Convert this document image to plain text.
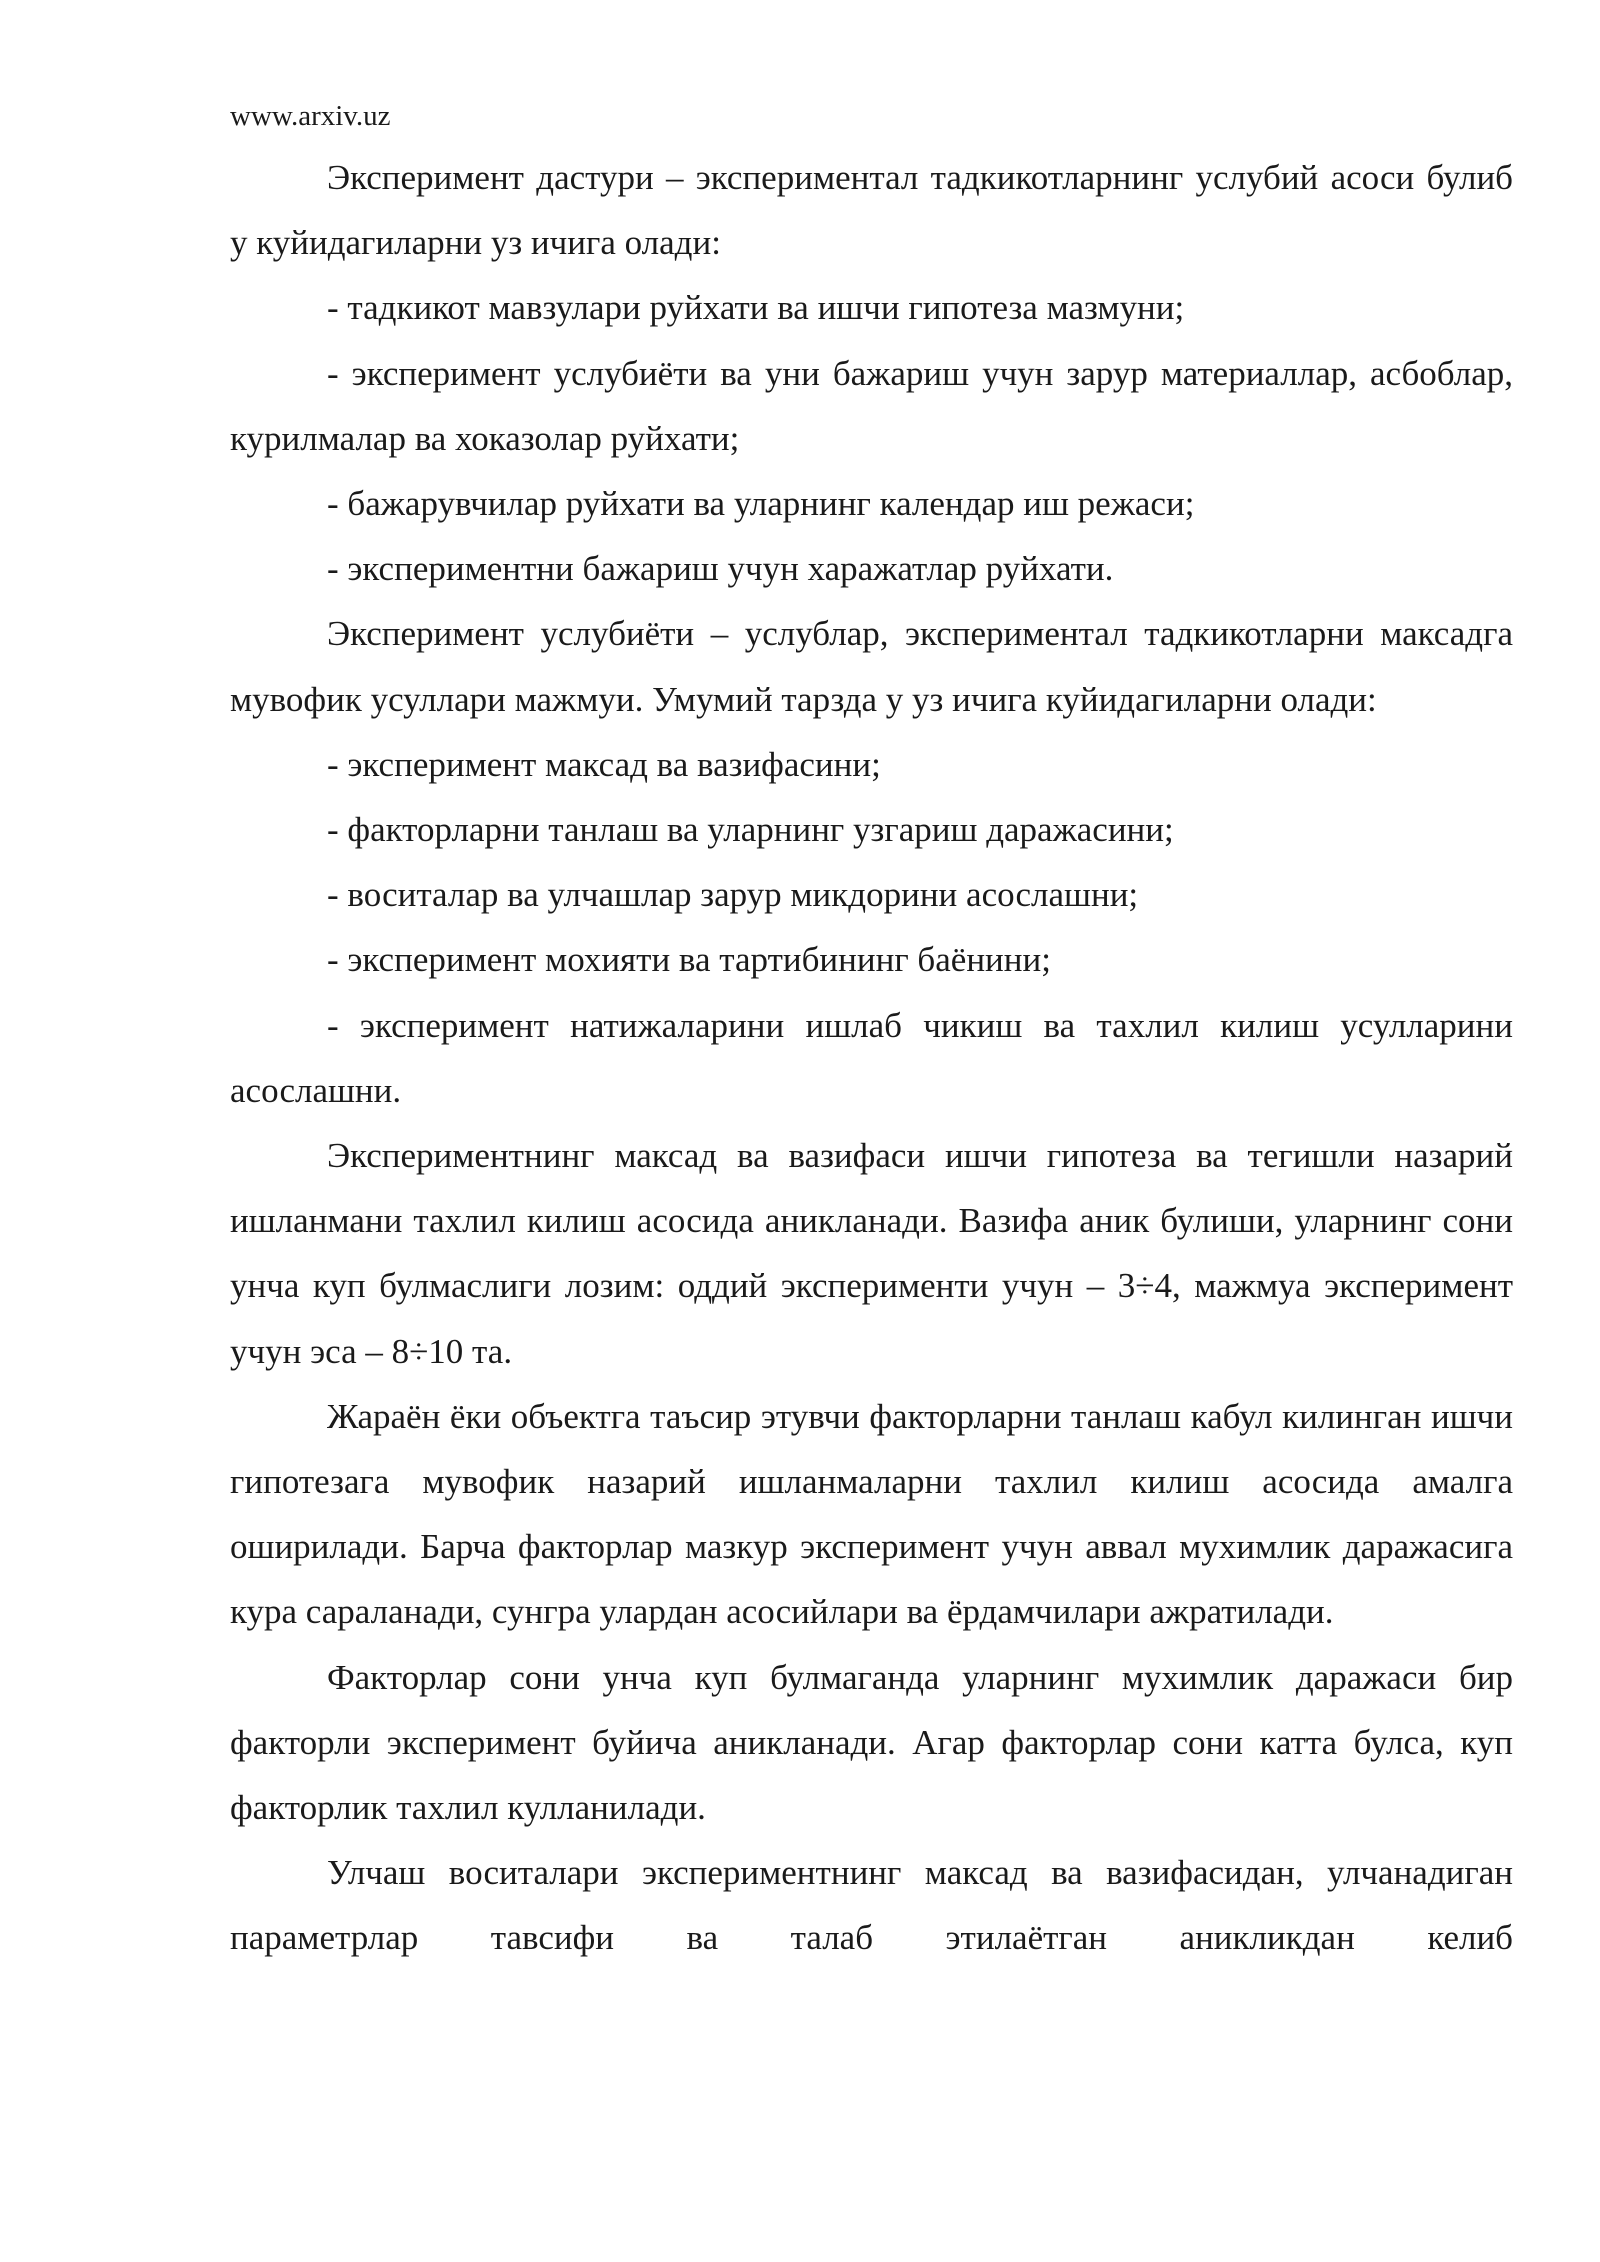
www.arxiv.uz

Эксперимент дастури – экспериментал тадкикотларнинг услубий асоси булиб у куйидагиларни уз ичига олади:

- тадкикот мавзулари руйхати ва ишчи гипотеза мазмуни;

- эксперимент услубиёти ва уни бажариш учун зарур материаллар, асбоблар, курилмалар ва хоказолар руйхати;

- бажарувчилар руйхати ва уларнинг календар иш режаси;

- экспериментни бажариш учун харажатлар руйхати.

Эксперимент услубиёти – услублар, экспериментал тадкикотларни максадга мувофик усуллари мажмуи. Умумий тарзда у уз ичига куйидагиларни олади:

- эксперимент максад ва вазифасини;

- факторларни танлаш ва уларнинг узгариш даражасини;

- воситалар ва улчашлар зарур микдорини асослашни;

- эксперимент мохияти ва тартибининг баёнини;

- эксперимент натижаларини ишлаб чикиш ва тахлил килиш усулларини асослашни.

Экспериментнинг максад ва вазифаси ишчи гипотеза ва тегишли назарий ишланмани тахлил килиш асосида аникланади. Вазифа аник булиши, уларнинг сони унча куп булмаслиги лозим: оддий эксперименти учун – 3÷4, мажмуа эксперимент учун эса – 8÷10 та.

Жараён ёки объектга таъсир этувчи факторларни танлаш кабул килинган ишчи гипотезага мувофик назарий ишланмаларни тахлил килиш асосида амалга оширилади. Барча факторлар мазкур эксперимент учун аввал мухимлик даражасига кура сараланади, сунгра улардан асосийлари ва ёрдамчилари ажратилади.

Факторлар сони унча куп булмаганда уларнинг мухимлик даражаси бир факторли эксперимент буйича аникланади. Агар факторлар сони катта булса, куп факторлик тахлил кулланилади.

Улчаш воситалари экспериментнинг максад ва вазифасидан, улчанадиган параметрлар тавсифи ва талаб этилаётган аникликдан келиб
